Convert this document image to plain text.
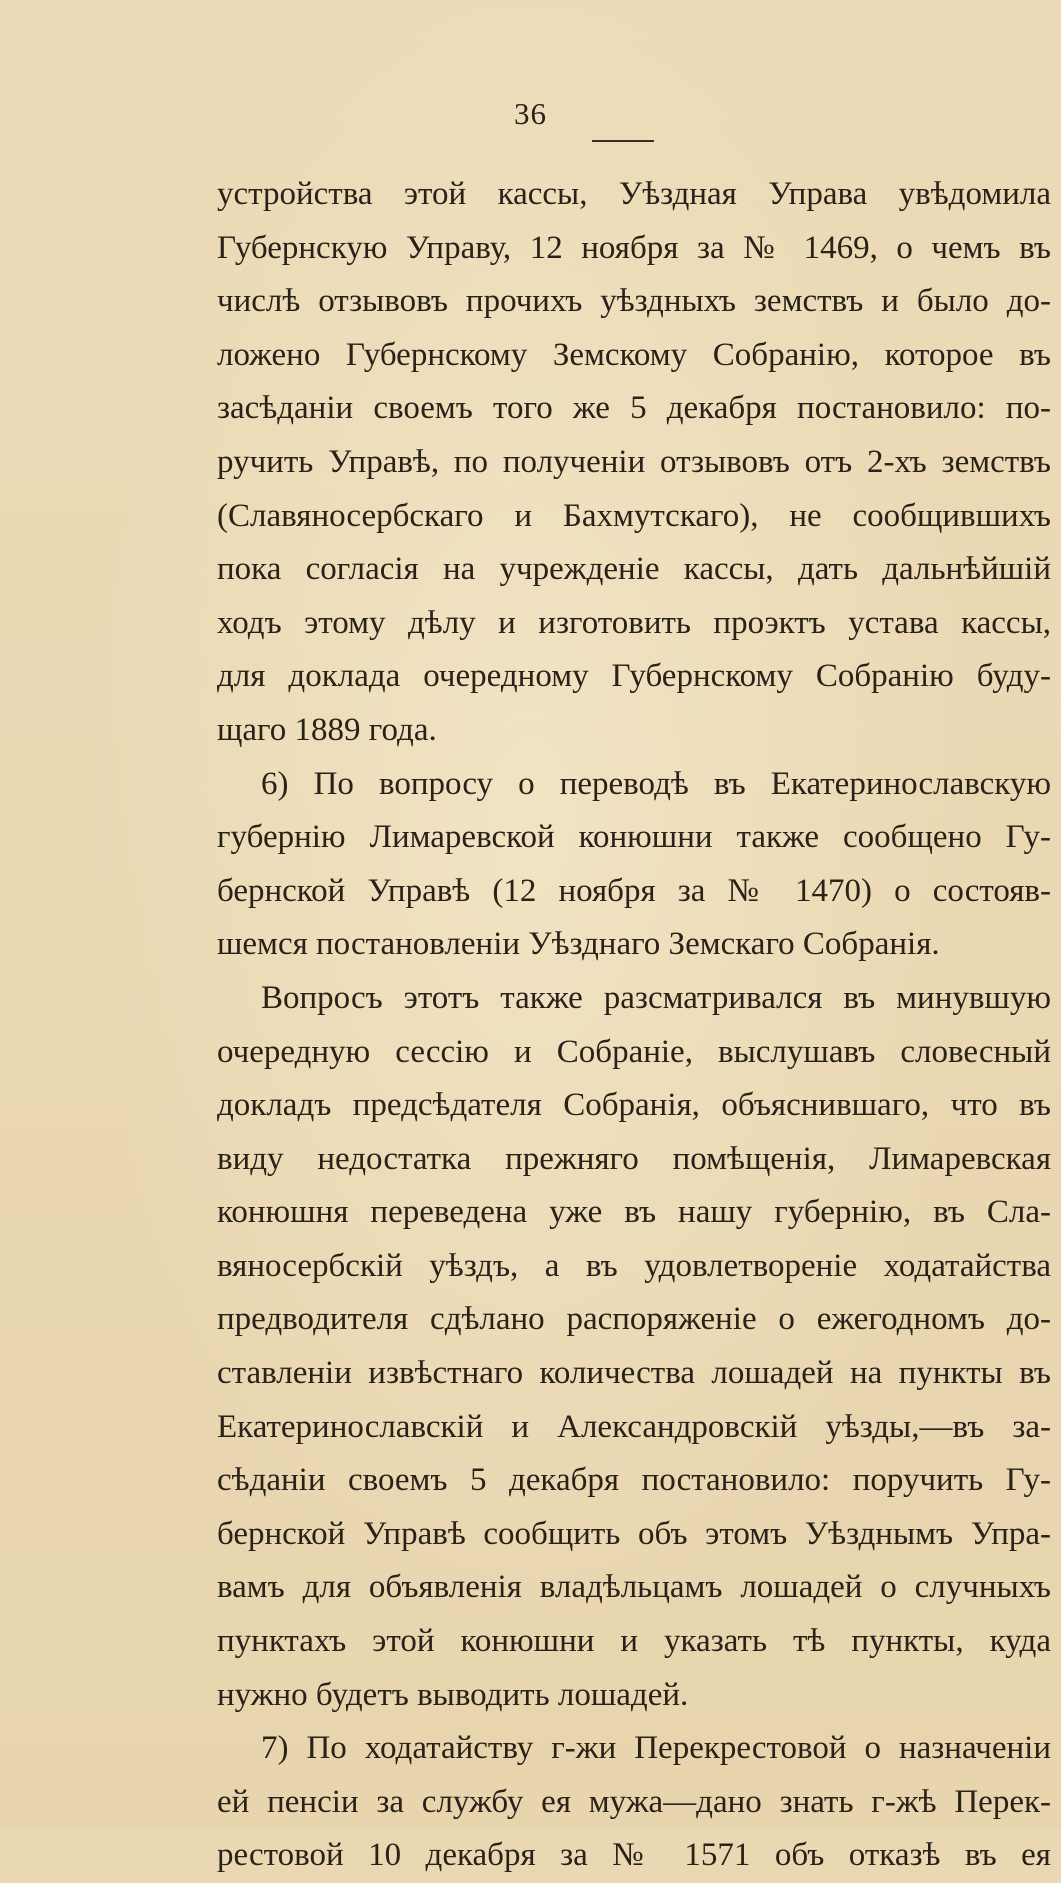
36
устройства этой кассы, Уѣздная Управа увѣдомила
Губернскую Управу, 12 ноября за № 1469, о чемъ въ
числѣ отзывовъ прочихъ уѣздныхъ земствъ и было до-
ложено Губернскому Земскому Собранію, которое въ
засѣданіи своемъ того же 5 декабря постановило: по-
ручить Управѣ, по полученіи отзывовъ отъ 2-хъ земствъ
(Славяносербскаго и Бахмутскаго), не сообщившихъ
пока согласія на учрежденіе кассы, дать дальнѣйшій
ходъ этому дѣлу и изготовить проэктъ устава кассы,
для доклада очередному Губернскому Собранію буду-
щаго 1889 года.
6) По вопросу о переводѣ въ Екатеринославскую
губернію Лимаревской конюшни также сообщено Гу-
бернской Управѣ (12 ноября за № 1470) о состояв-
шемся постановленіи Уѣзднаго Земскаго Собранія.
Вопросъ этотъ также разсматривался въ минувшую
очередную сессію и Собраніе, выслушавъ словесный
докладъ предсѣдателя Собранія, объяснившаго, что въ
виду недостатка прежняго помѣщенія, Лимаревская
конюшня переведена уже въ нашу губернію, въ Сла-
вяносербскій уѣздъ, а въ удовлетвореніе ходатайства
предводителя сдѣлано распоряженіе о ежегодномъ до-
ставленіи извѣстнаго количества лошадей на пункты въ
Екатеринославскій и Александровскій уѣзды,—въ за-
сѣданіи своемъ 5 декабря постановило: поручить Гу-
бернской Управѣ сообщить объ этомъ Уѣзднымъ Упра-
вамъ для объявленія владѣльцамъ лошадей о случныхъ
пунктахъ этой конюшни и указать тѣ пункты, куда
нужно будетъ выводить лошадей.
7) По ходатайству г-жи Перекрестовой о назначеніи
ей пенсіи за службу ея мужа—дано знать г-жѣ Перек-
рестовой 10 декабря за № 1571 объ отказѣ въ ея
